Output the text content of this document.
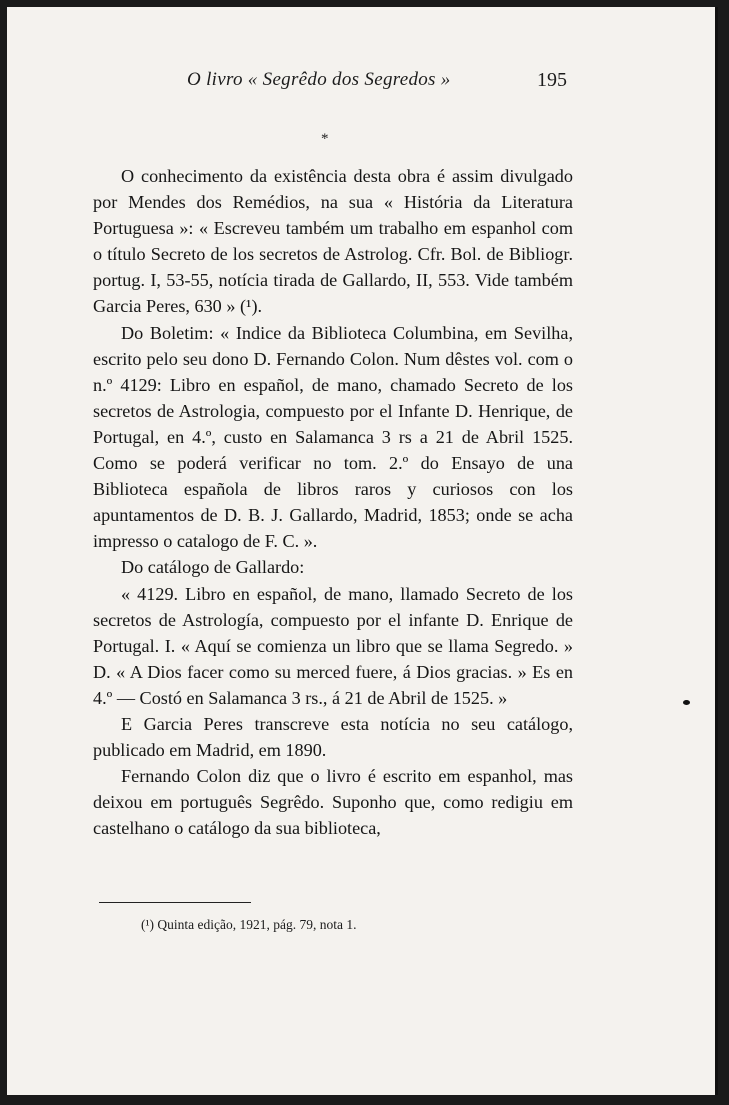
O livro « Segrêdo dos Segredos »	195
*

O conhecimento da existência desta obra é assim divulgado por Mendes dos Remédios, na sua « História da Literatura Portuguesa »: « Escreveu também um trabalho em espanhol com o título Secreto de los secretos de Astrolog. Cfr. Bol. de Bibliogr. portug. I, 53-55, notícia tirada de Gallardo, II, 553. Vide também Garcia Peres, 630 » (¹).

Do Boletim: « Indice da Biblioteca Columbina, em Sevilha, escrito pelo seu dono D. Fernando Colon. Num dêstes vol. com o n.º 4129: Libro en español, de mano, chamado Secreto de los secretos de Astrologia, compuesto por el Infante D. Henrique, de Portugal, en 4.º, custo en Salamanca 3 rs a 21 de Abril 1525. Como se poderá verificar no tom. 2.º do Ensayo de una Biblioteca española de libros raros y curiosos con los apuntamentos de D. B. J. Gallardo, Madrid, 1853; onde se acha impresso o catalogo de F. C. ».

Do catálogo de Gallardo:

« 4129. Libro en español, de mano, llamado Secreto de los secretos de Astrología, compuesto por el infante D. Enrique de Portugal. I. « Aquí se comienza un libro que se llama Segredo. » D. « A Dios facer como su merced fuere, á Dios gracias. » Es en 4.º — Costó en Salamanca 3 rs., á 21 de Abril de 1525. »

E Garcia Peres transcreve esta notícia no seu catálogo, publicado em Madrid, em 1890.

Fernando Colon diz que o livro é escrito em espanhol, mas deixou em português Segrêdo. Suponho que, como redigiu em castelhano o catálogo da sua biblioteca,

(¹) Quinta edição, 1921, pág. 79, nota 1.
